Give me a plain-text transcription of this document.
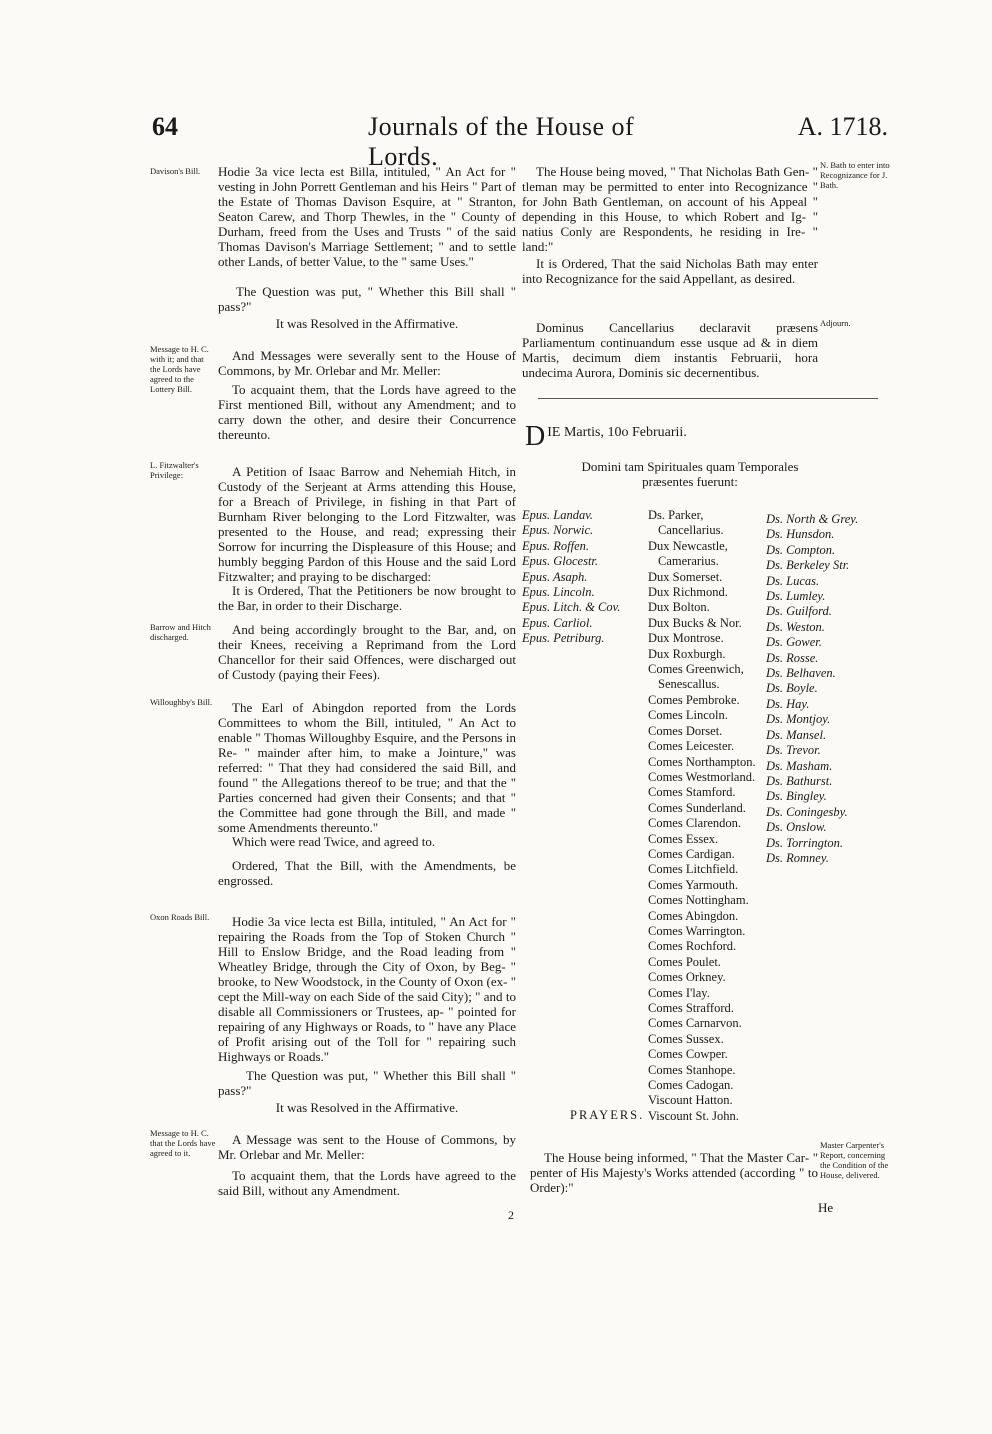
64	Journals of the House of Lords.
A. 1718.
Davison's Bill.	Hodie 3a vice lecta est Billa, intituled, " An Act for " vesting in John Porrett Gentleman and his Heirs " Part of the Estate of Thomas Davison Esquire, at " Stranton, Seaton Carew, and Thorp Thewles, in the " County of Durham, freed from the Uses and Trusts " of the said Thomas Davison's Marriage Settlement; " and to settle other Lands, of better Value, to the " same Uses."

The Question was put, " Whether this Bill shall " pass?"

It was Resolved in the Affirmative.

Message to H. C. with it; and that the Lords have agreed to the Lottery Bill.

And Messages were severally sent to the House of Commons, by Mr. Orlebar and Mr. Meller:

To acquaint them, that the Lords have agreed to the First mentioned Bill, without any Amendment; and to carry down the other, and desire their Concurrence thereunto.

L. Fitzwalter's Privilege:	A Petition of Isaac Barrow and Nehemiah Hitch, in Custody of the Serjeant at Arms attending this House, for a Breach of Privilege, in fishing in that Part of Burnham River belonging to the Lord Fitzwalter, was presented to the House, and read; expressing their Sorrow for incurring the Displeasure of this House; and humbly begging Pardon of this House and the said Lord Fitzwalter; and praying to be discharged:

It is Ordered, That the Petitioners be now brought to the Bar, in order to their Discharge.

Barrow and Hitch discharged.	And being accordingly brought to the Bar, and, on their Knees, receiving a Reprimand from the Lord Chancellor for their said Offences, were discharged out of Custody (paying their Fees).

Willoughby's Bill.	The Earl of Abingdon reported from the Lords Committees to whom the Bill, intituled, " An Act to enable " Thomas Willoughby Esquire, and the Persons in Re- " mainder after him, to make a Jointure," was referred: " That they had considered the said Bill, and found " the Allegations thereof to be true; and that the " Parties concerned had given their Consents; and that " the Committee had gone through the Bill, and made " some Amendments thereunto."

Which were read Twice, and agreed to.

Ordered, That the Bill, with the Amendments, be engrossed.

Oxon Roads Bill.	Hodie 3a vice lecta est Billa, intituled, " An Act for " repairing the Roads from the Top of Stoken Church " Hill to Enslow Bridge, and the Road leading from " Wheatley Bridge, through the City of Oxon, by Beg- " brooke, to New Woodstock, in the County of Oxon (ex- " cept the Mill-way on each Side of the said City); " and to disable all Commissioners or Trustees, ap- " pointed for repairing of any Highways or Roads, to " have any Place of Profit arising out of the Toll for " repairing such Highways or Roads."

The Question was put, " Whether this Bill shall " pass?"

It was Resolved in the Affirmative.

Message to H. C. that the Lords have agreed to it.

A Message was sent to the House of Commons, by Mr. Orlebar and Mr. Meller:

To acquaint them, that the Lords have agreed to the said Bill, without any Amendment.

The House being moved, " That Nicholas Bath Gen- " tleman may be permitted to enter into Recognizance " for John Bath Gentleman, on account of his Appeal " depending in this House, to which Robert and Ig- " natius Conly are Respondents, he residing in Ire- " land:"

N. Bath to enter into Recognizance for J. Bath.

It is Ordered, That the said Nicholas Bath may enter into Recognizance for the said Appellant, as desired.

Dominus Cancellarius declaravit præsens Parliamentum continuandum esse usque ad & in diem Martis, decimum diem instantis Februarii, hora undecima Aurora, Dominis sic decernentibus.

Adjourn.
DIE Martis, 10o Februarii.

Domini tam Spirituales quam Temporales præsentes fuerunt:

Epus. Landav.
Epus. Norwic.
Epus. Roffen.
Epus. Glocestr.
Epus. Asaph.
Epus. Lincoln.
Epus. Litch. & Cov.
Epus. Carliol.
Epus. Petriburg.
Ds. Parker,
Cancellarius.
Dux Newcastle,
Camerarius.
Dux Somerset.
Dux Richmond.
Dux Bolton.
Dux Bucks & Nor.
Dux Montrose.
Dux Roxburgh.
Comes Greenwich,
Senescallus.
Comes Pembroke.
Comes Lincoln.
Comes Dorset.
Comes Leicester.
Comes Northampton.
Comes Westmorland.
Comes Stamford.
Comes Sunderland.
Comes Clarendon.
Comes Essex.
Comes Cardigan.
Comes Litchfield.
Comes Yarmouth.
Comes Nottingham.
Comes Abingdon.
Comes Warrington.
Comes Rochford.
Comes Poulet.
Comes Orkney.
Comes I'lay.
Comes Strafford.
Comes Carnarvon.
Comes Sussex.
Comes Cowper.
Comes Stanhope.
Comes Cadogan.
Viscount Hatton.
Viscount St. John.
Ds. North & Grey.
Ds. Hunsdon.
Ds. Compton.
Ds. Berkeley Str.
Ds. Lucas.
Ds. Lumley.
Ds. Guilford.
Ds. Weston.
Ds. Gower.
Ds. Rosse.
Ds. Belhaven.
Ds. Boyle.
Ds. Hay.
Ds. Montjoy.
Ds. Mansel.
Ds. Trevor.
Ds. Masham.
Ds. Bathurst.
Ds. Bingley.
Ds. Coningesby.
Ds. Onslow.
Ds. Torrington.
Ds. Romney.
PRAYERS.

The House being informed, " That the Master Car- " penter of His Majesty's Works attended (according " to Order):"

Master Carpenter's Report, concerning the Condition of the House, delivered.
He
2
